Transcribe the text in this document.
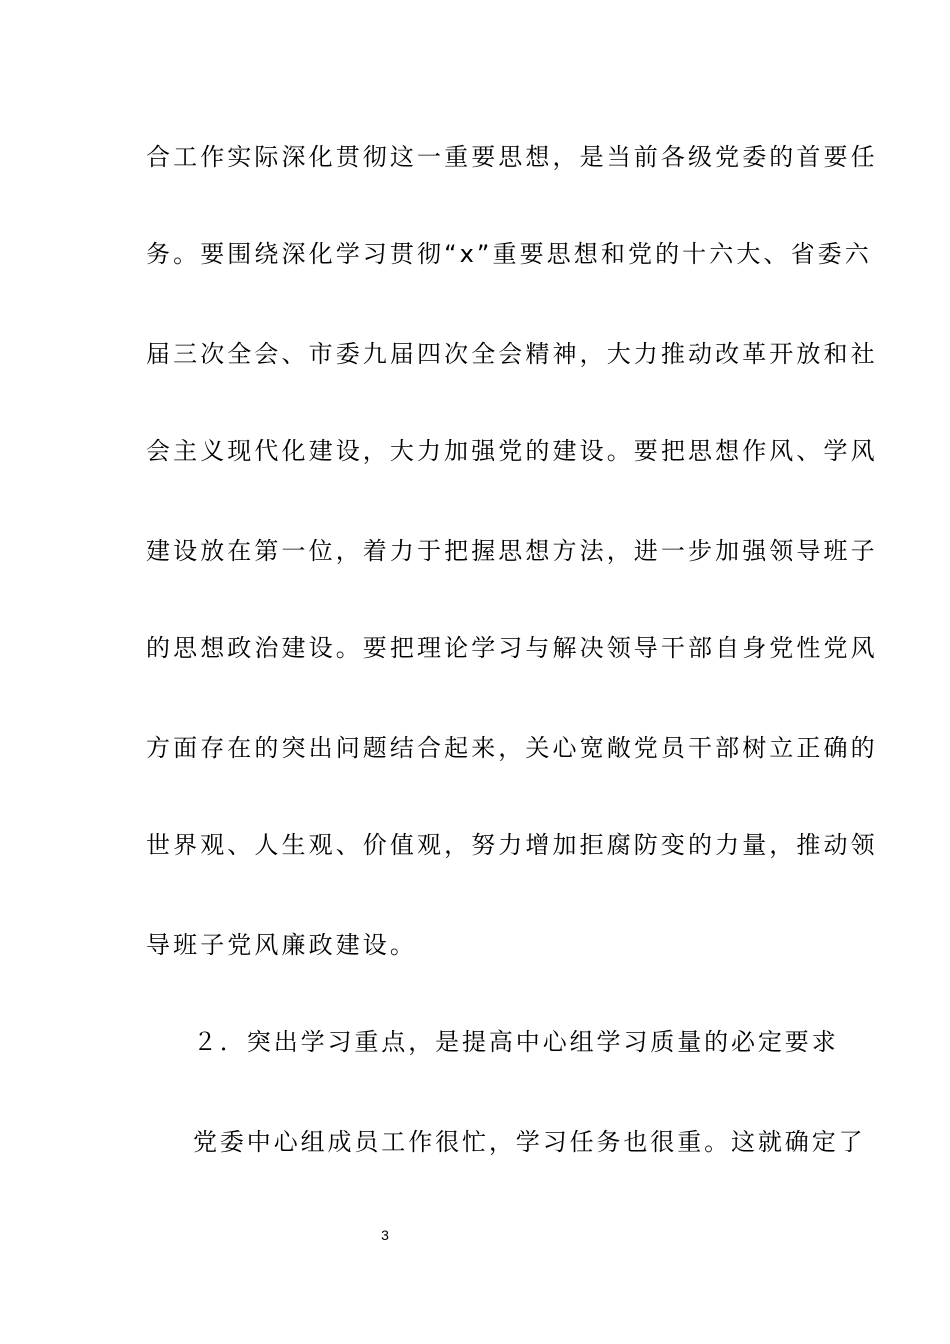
合工作实际深化贯彻这一重要思想，是当前各级党委的首要任
务。要围绕深化学习贯彻“x”重要思想和党的十六大、省委六
届三次全会、市委九届四次全会精神，大力推动改革开放和社
会主义现代化建设，大力加强党的建设。要把思想作风、学风
建设放在第一位，着力于把握思想方法，进一步加强领导班子
的思想政治建设。要把理论学习与解决领导干部自身党性党风
方面存在的突出问题结合起来，关心宽敞党员干部树立正确的
世界观、人生观、价值观，努力增加拒腐防变的力量，推动领
导班子党风廉政建设。
２．突出学习重点，是提高中心组学习质量的必定要求
党委中心组成员工作很忙，学习任务也很重。这就确定了
3
